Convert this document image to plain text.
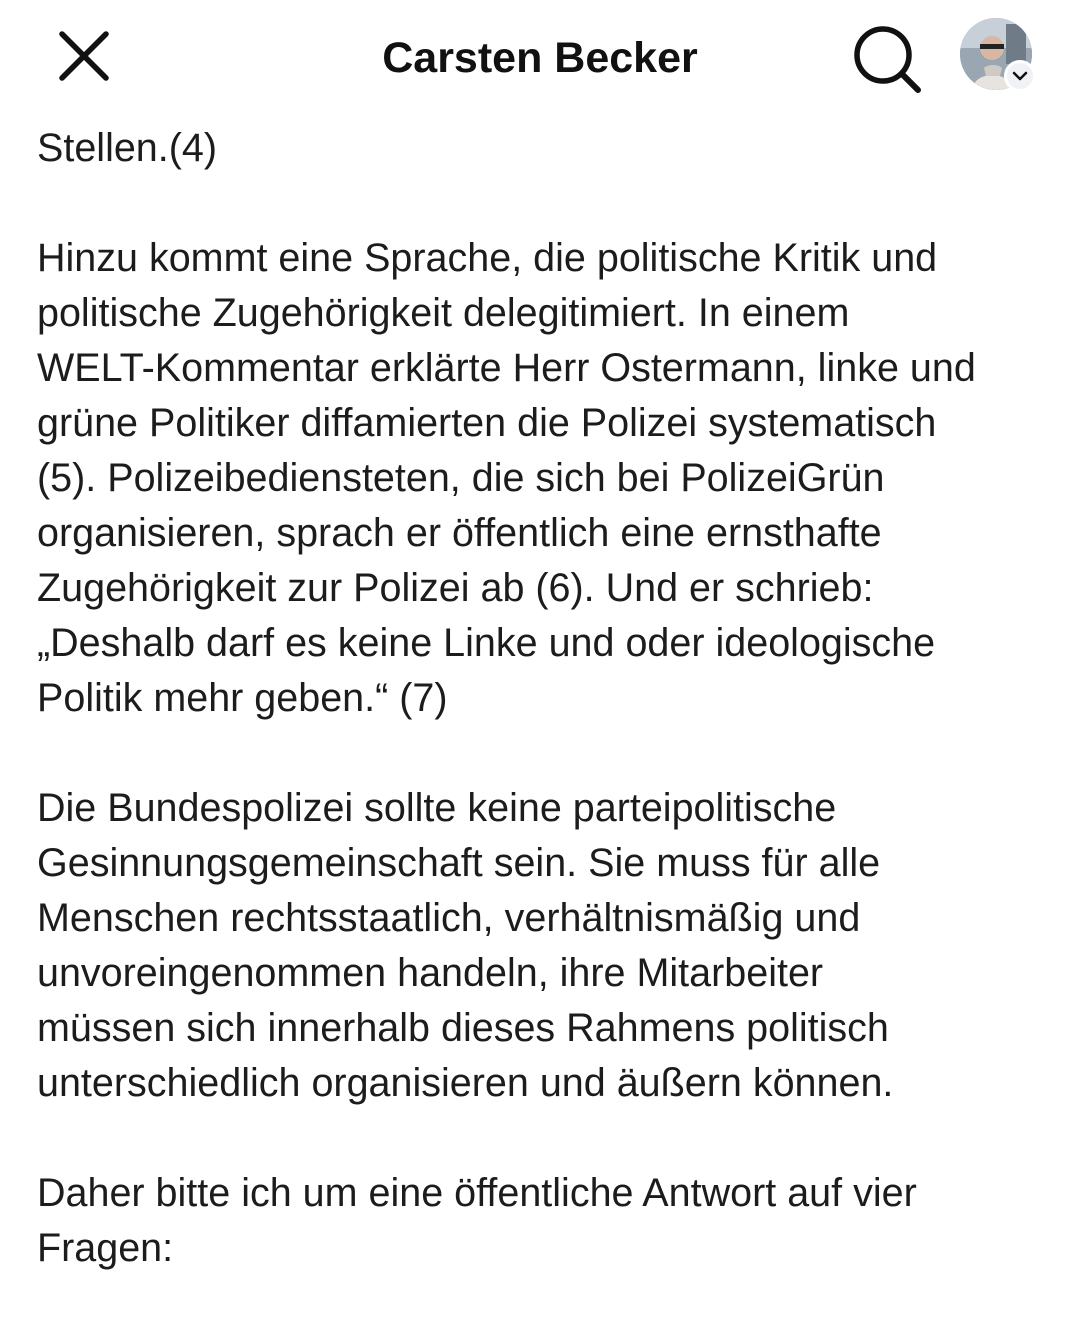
Carsten Becker

Stellen.(4)

Hinzu kommt eine Sprache, die politische Kritik und
politische Zugehörigkeit delegitimiert. In einem
WELT-Kommentar erklärte Herr Ostermann, linke und
grüne Politiker diffamierten die Polizei systematisch
(5). Polizeibediensteten, die sich bei PolizeiGrün
organisieren, sprach er öffentlich eine ernsthafte
Zugehörigkeit zur Polizei ab (6). Und er schrieb:
„Deshalb darf es keine Linke und oder ideologische
Politik mehr geben.“ (7)

Die Bundespolizei sollte keine parteipolitische
Gesinnungsgemeinschaft sein. Sie muss für alle
Menschen rechtsstaatlich, verhältnismäßig und
unvoreingenommen handeln, ihre Mitarbeiter
müssen sich innerhalb dieses Rahmens politisch
unterschiedlich organisieren und äußern können.

Daher bitte ich um eine öffentliche Antwort auf vier
Fragen:
